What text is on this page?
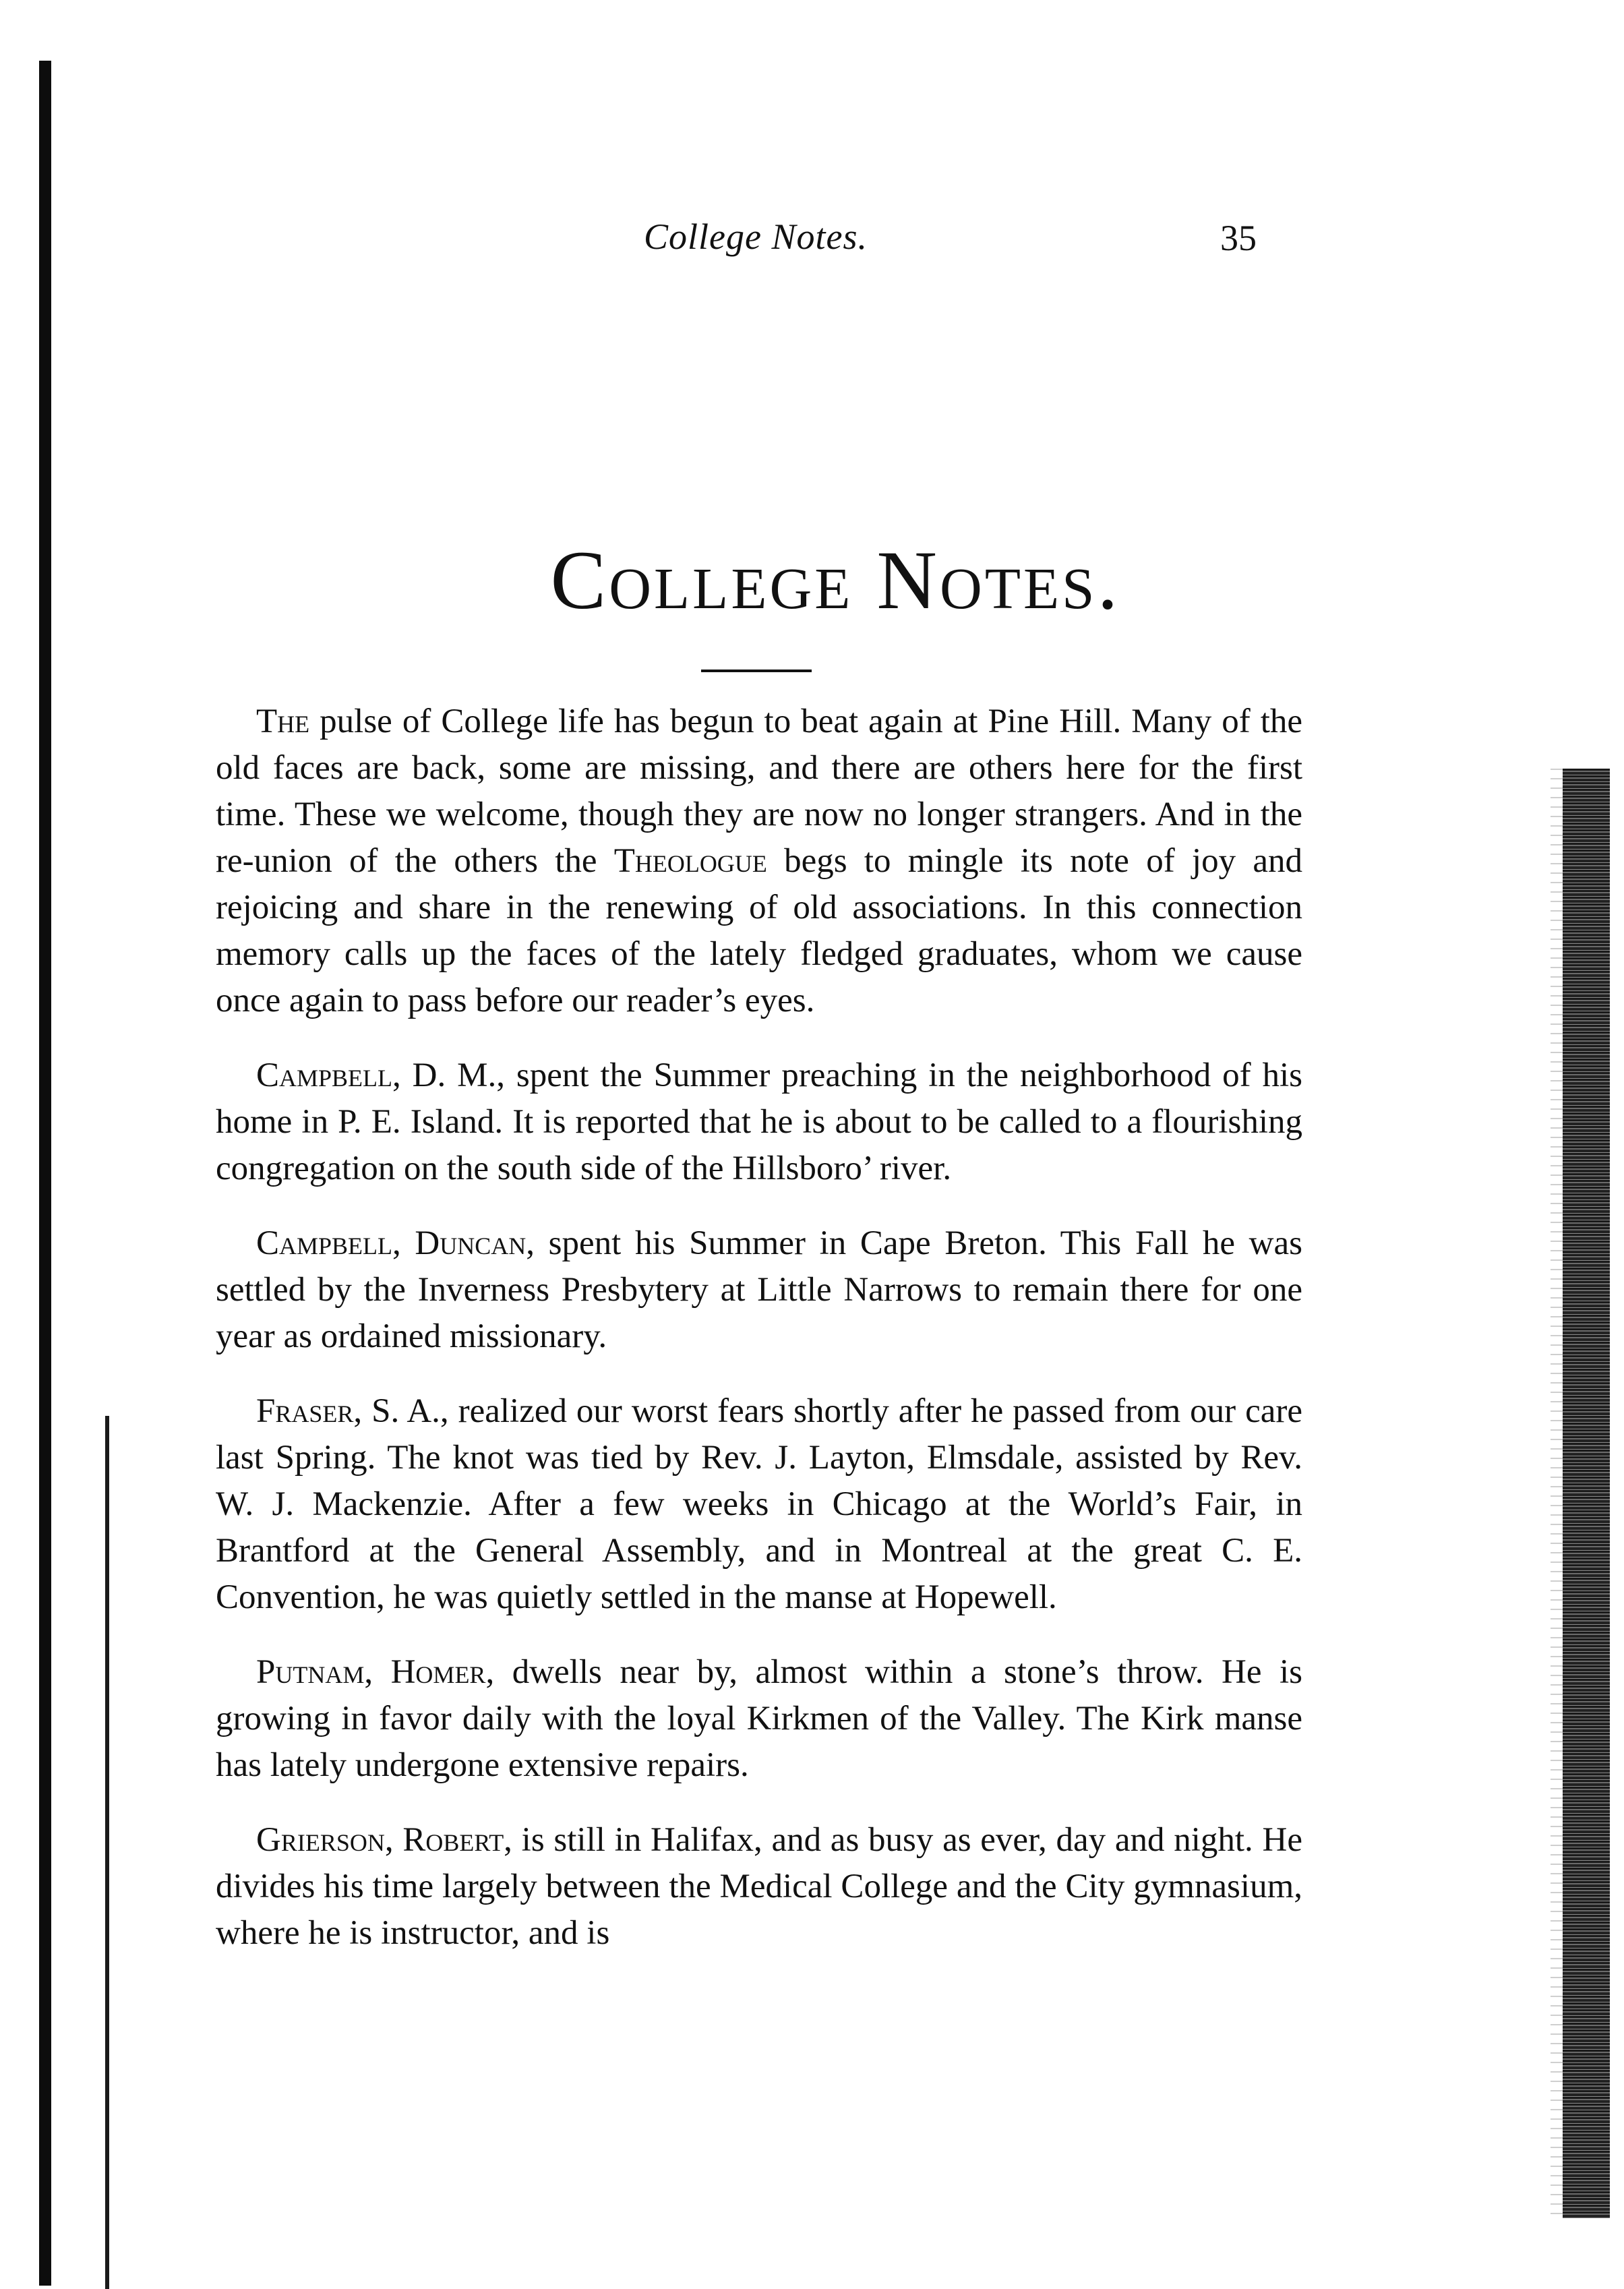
College Notes.	35
College Notes.

The pulse of College life has begun to beat again at Pine Hill. Many of the old faces are back, some are missing, and there are others here for the first time. These we welcome, though they are now no longer strangers. And in the re-union of the others the Theologue begs to mingle its note of joy and rejoicing and share in the renewing of old associations. In this connection memory calls up the faces of the lately fledged graduates, whom we cause once again to pass before our reader’s eyes.

Campbell, D. M., spent the Summer preaching in the neighborhood of his home in P. E. Island. It is reported that he is about to be called to a flourishing congregation on the south side of the Hillsboro’ river.

Campbell, Duncan, spent his Summer in Cape Breton. This Fall he was settled by the Inverness Presbytery at Little Narrows to remain there for one year as ordained missionary.

Fraser, S. A., realized our worst fears shortly after he passed from our care last Spring. The knot was tied by Rev. J. Layton, Elmsdale, assisted by Rev. W. J. Mackenzie. After a few weeks in Chicago at the World’s Fair, in Brantford at the General Assembly, and in Montreal at the great C. E. Convention, he was quietly settled in the manse at Hopewell.

Putnam, Homer, dwells near by, almost within a stone’s throw. He is growing in favor daily with the loyal Kirkmen of the Valley. The Kirk manse has lately undergone extensive repairs.

Grierson, Robert, is still in Halifax, and as busy as ever, day and night. He divides his time largely between the Medical College and the City gymnasium, where he is instructor, and is
